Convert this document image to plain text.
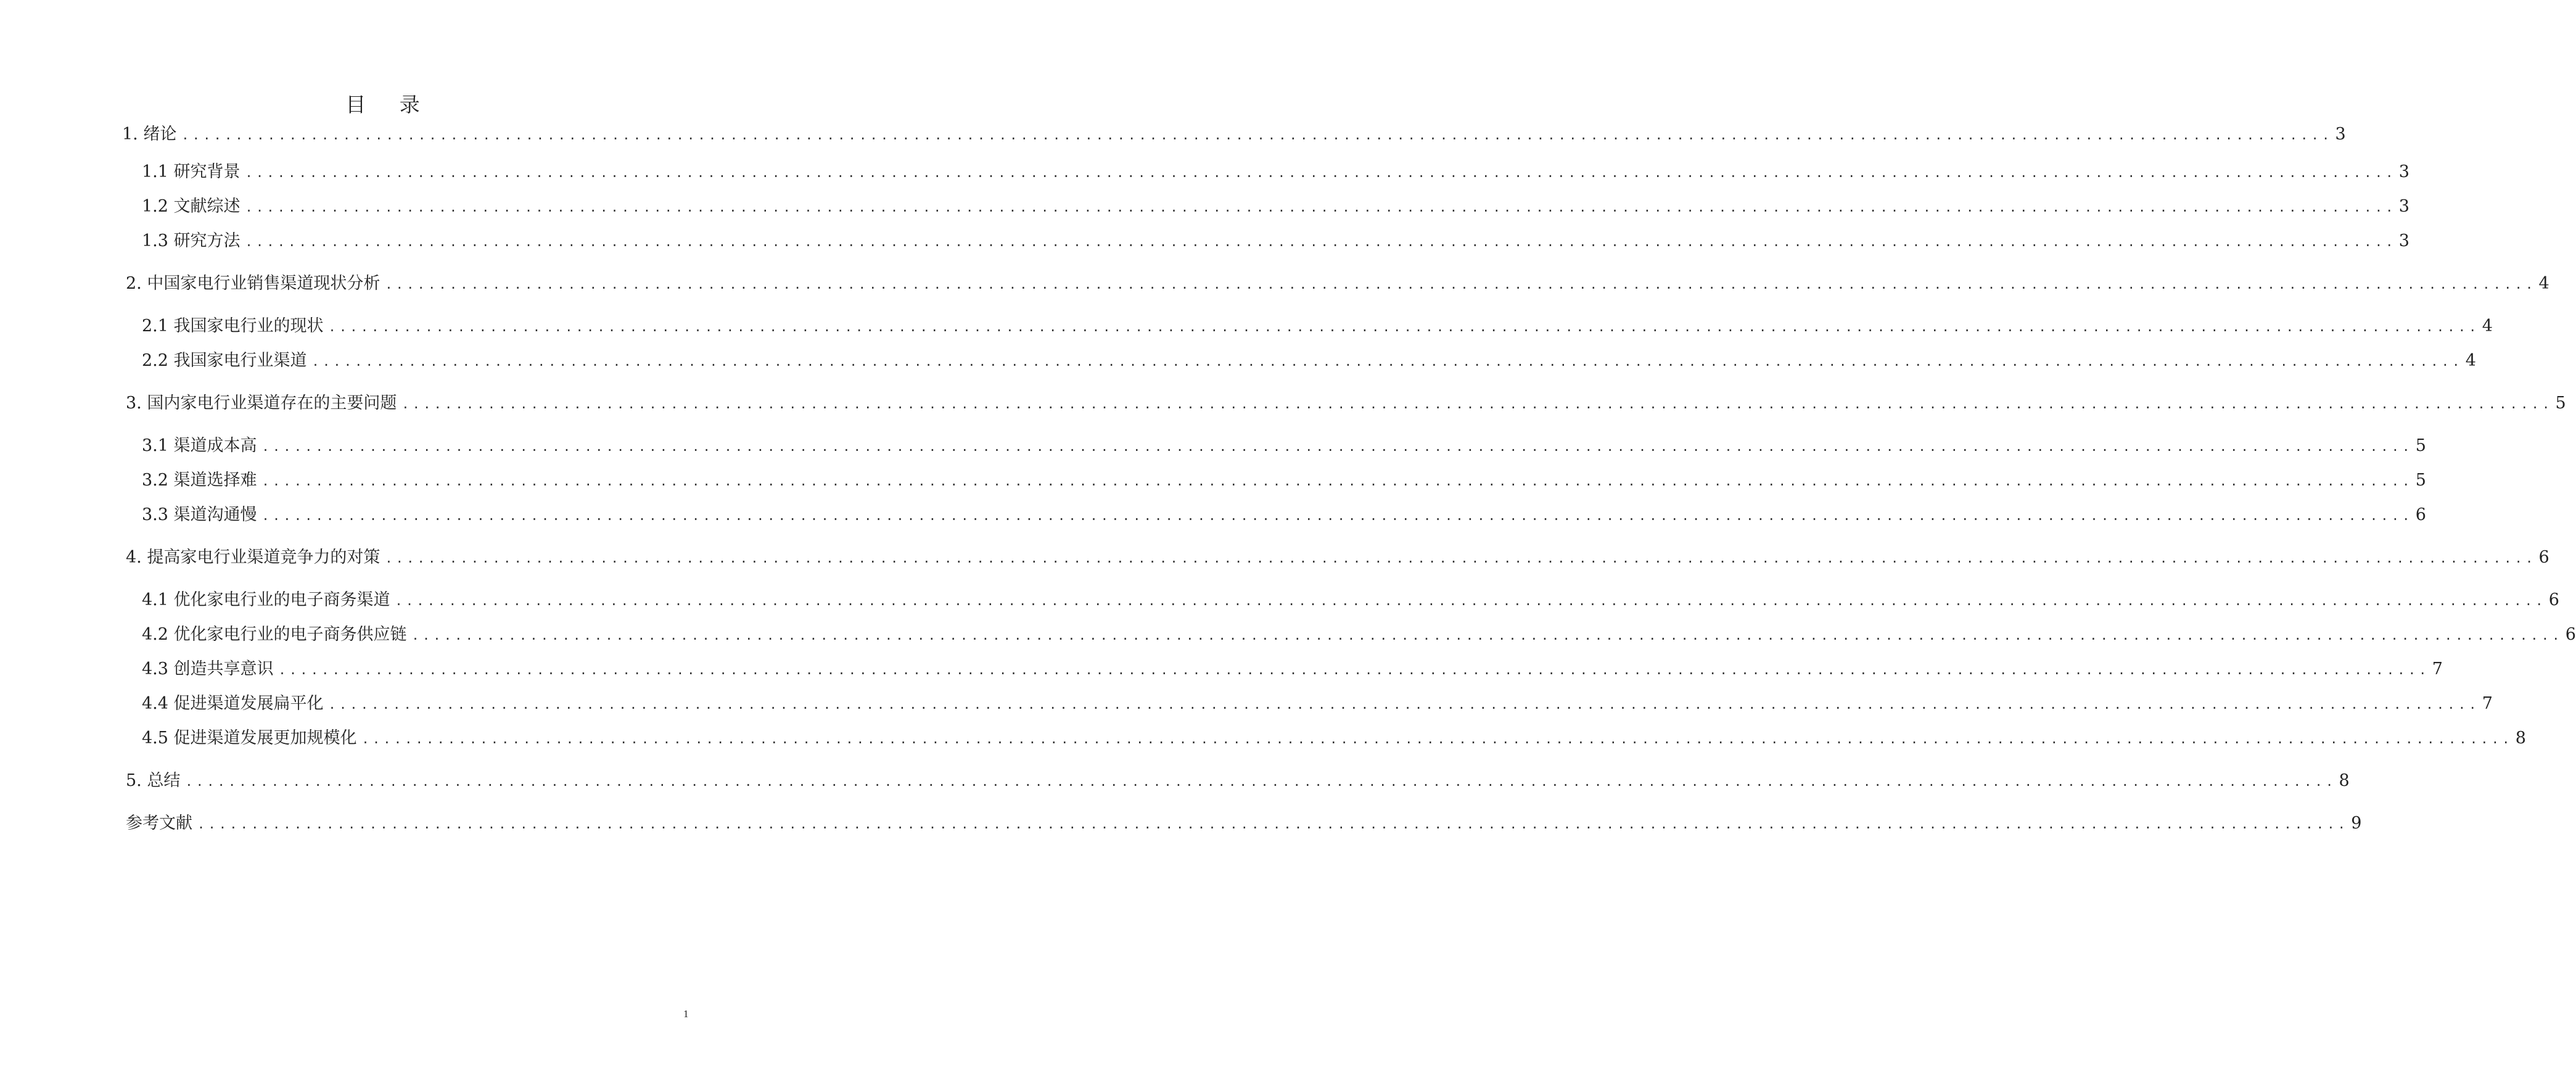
目 录
1. 绪论 ........................................................................................................................................................................................................ 3
1.1 研究背景 ........................................................................................................................................................................................................ 3
1.2 文献综述 ........................................................................................................................................................................................................ 3
1.3 研究方法 ........................................................................................................................................................................................................ 3
2. 中国家电行业销售渠道现状分析 ........................................................................................................................................................................................................ 4
2.1 我国家电行业的现状 ........................................................................................................................................................................................................ 4
2.2 我国家电行业渠道 ........................................................................................................................................................................................................ 4
3. 国内家电行业渠道存在的主要问题 ........................................................................................................................................................................................................ 5
3.1 渠道成本高 ........................................................................................................................................................................................................ 5
3.2 渠道选择难 ........................................................................................................................................................................................................ 5
3.3 渠道沟通慢 ........................................................................................................................................................................................................ 6
4. 提高家电行业渠道竞争力的对策 ........................................................................................................................................................................................................ 6
4.1 优化家电行业的电子商务渠道 ........................................................................................................................................................................................................ 6
4.2 优化家电行业的电子商务供应链 ........................................................................................................................................................................................................ 6
4.3 创造共享意识 ........................................................................................................................................................................................................ 7
4.4 促进渠道发展扁平化 ........................................................................................................................................................................................................ 7
4.5 促进渠道发展更加规模化 ........................................................................................................................................................................................................ 8
5. 总结 ........................................................................................................................................................................................................ 8
参考文献 ........................................................................................................................................................................................................ 9
1
